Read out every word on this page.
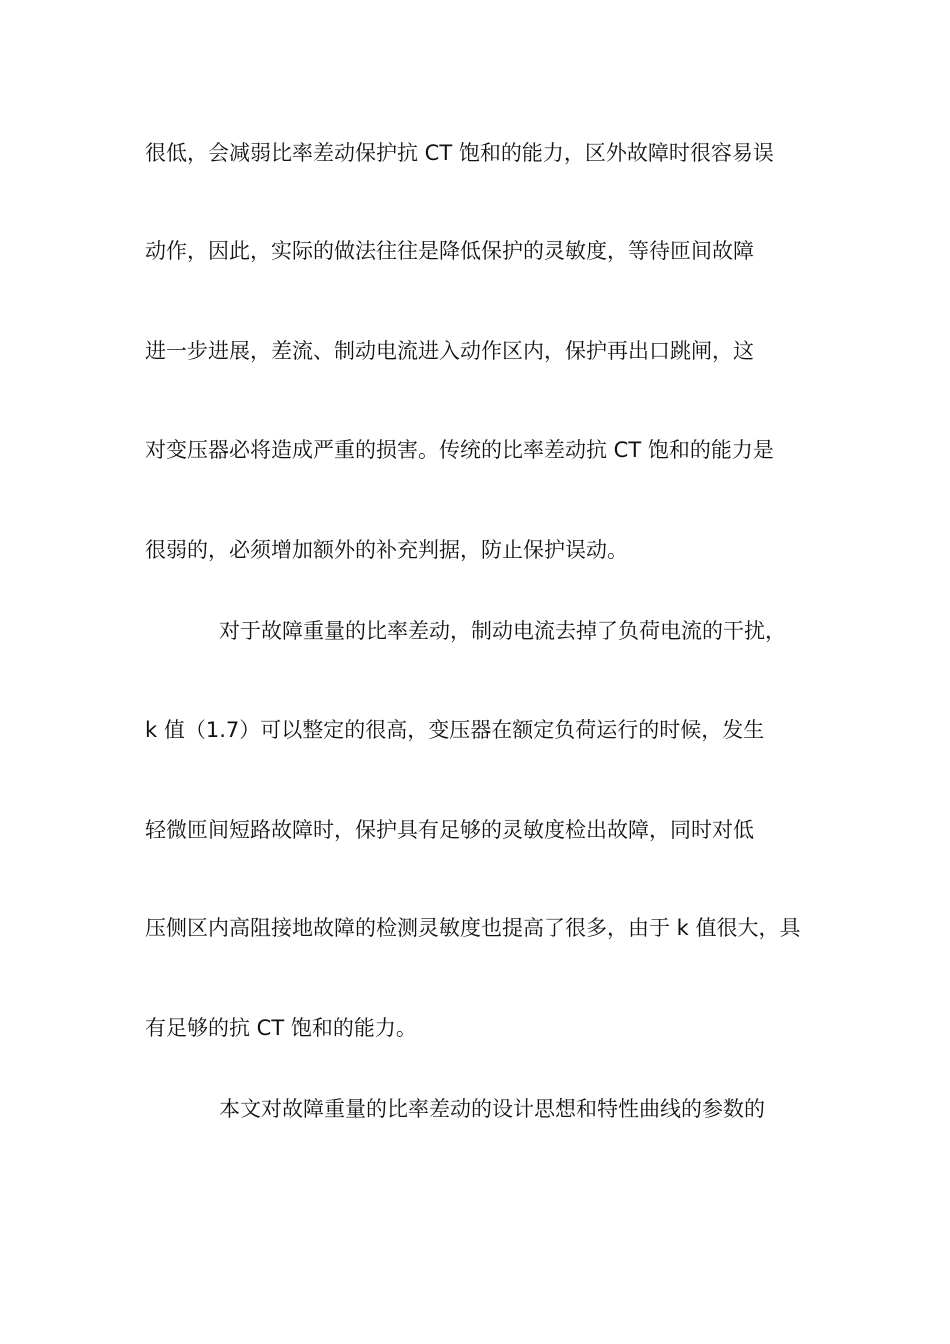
很低，会减弱比率差动保护抗 CT 饱和的能力，区外故障时很容易误
动作，因此，实际的做法往往是降低保护的灵敏度，等待匝间故障
进一步进展，差流、制动电流进入动作区内，保护再出口跳闸，这
对变压器必将造成严重的损害。传统的比率差动抗 CT 饱和的能力是
很弱的，必须增加额外的补充判据，防止保护误动。
对于故障重量的比率差动，制动电流去掉了负荷电流的干扰，
k 值（1.7）可以整定的很高，变压器在额定负荷运行的时候，发生
轻微匝间短路故障时，保护具有足够的灵敏度检出故障，同时对低
压侧区内高阻接地故障的检测灵敏度也提高了很多，由于 k 值很大，具
有足够的抗 CT 饱和的能力。
本文对故障重量的比率差动的设计思想和特性曲线的参数的
